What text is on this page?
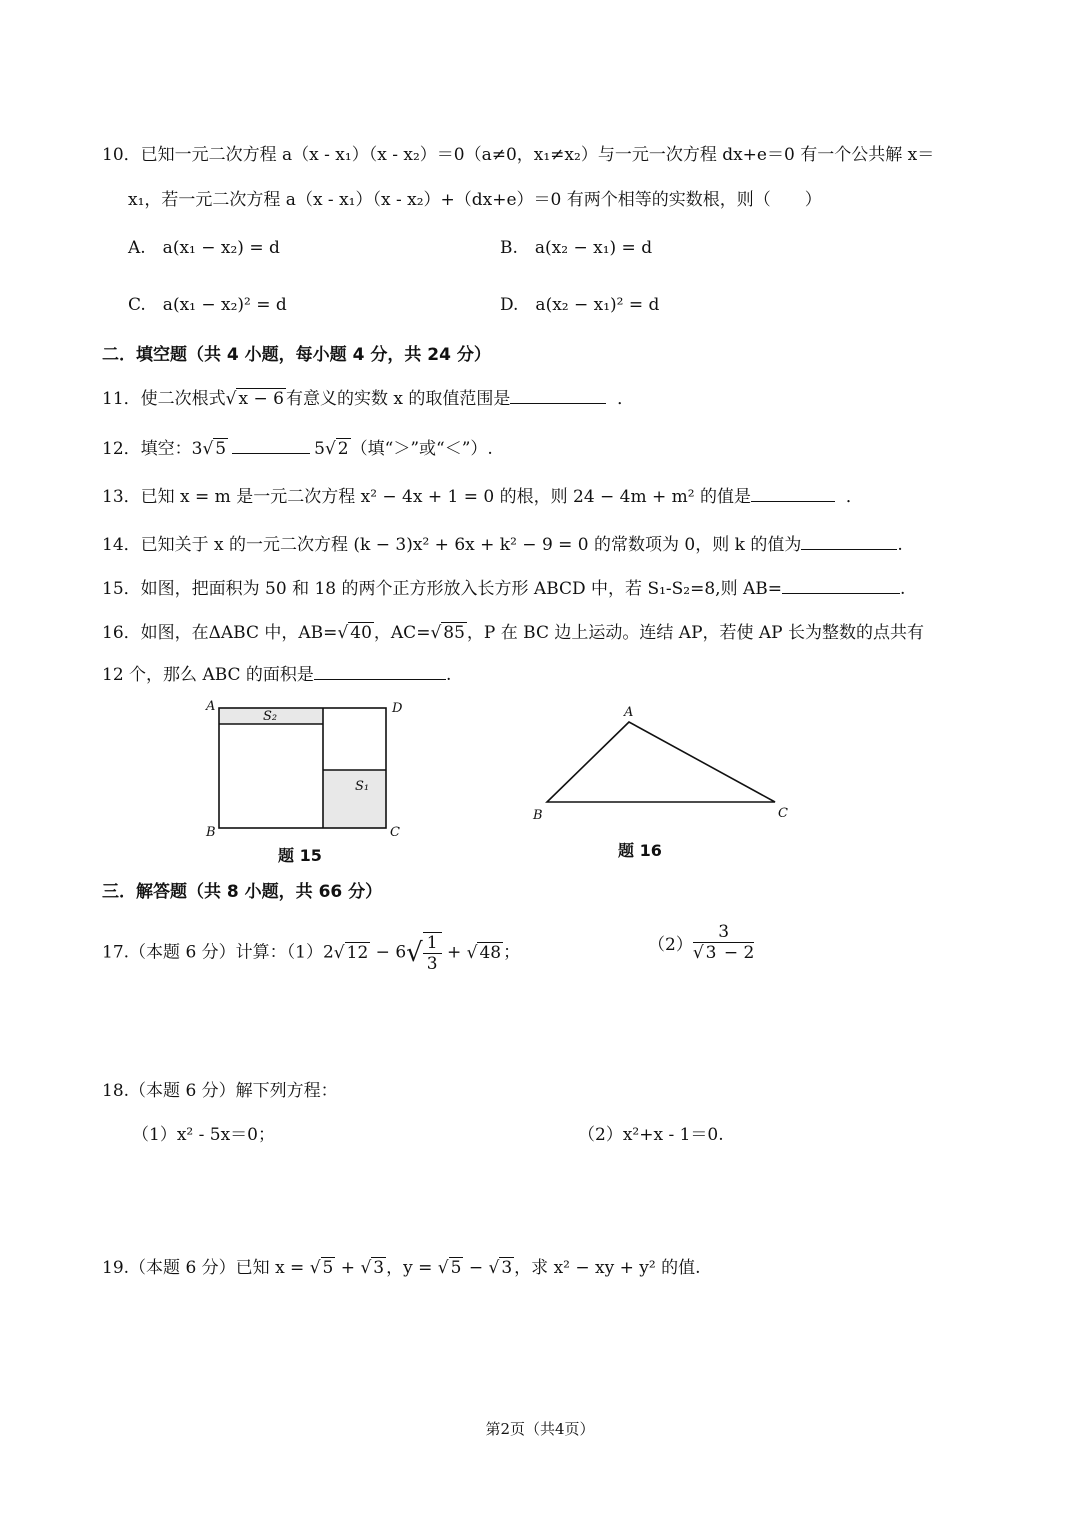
10．已知一元二次方程 a（x - x₁）（x - x₂）＝0（a≠0，x₁≠x₂）与一元一次方程 dx+e＝0 有一个公共解 x＝
x₁，若一元二次方程 a（x - x₁）（x - x₂）+（dx+e）＝0 有两个相等的实数根，则（　　）
A.　a(x₁ − x₂) = d	B.　a(x₂ − x₁) = d
C.　a(x₁ − x₂)² = d	D.　a(x₂ − x₁)² = d
二．填空题（共 4 小题，每小题 4 分，共 24 分）
11．使二次根式√ x − 6 有意义的实数 x 的取值范围是	．
12．填空：3√ 5	5√ 2 （填“＞”或“＜”）.
13．已知 x = m 是一元二次方程 x² − 4x + 1 = 0 的根，则 24 − 4m + m² 的值是	．
14．已知关于 x 的一元二次方程 (k − 3)x² + 6x + k² − 9 = 0 的常数项为 0，则 k 的值为	.
15．如图，把面积为 50 和 18 的两个正方形放入长方形 ABCD 中，若 S₁-S₂=8,则 AB=	.
16．如图，在ΔABC 中，AB=√ 40 ，AC=√ 85 ，P 在 BC 边上运动。连结 AP，若使 AP 长为整数的点共有
12 个，那么 ABC 的面积是	.
A	D
B	C
S₂
S₁
题 15
A
B	C
题 16
三．解答题（共 8 小题，共 66 分）
17.（本题 6 分）计算：（1）2√ $12 - 6√ \frac{1}{3}$ + √ 48 ；	$(2) \frac{3}{√ 3 - 2}$
18.（本题 6 分）解下列方程：
（1）x² - 5x＝0；	（2）x²+x - 1＝0.
19.（本题 6 分）已知 x = √ 5 + √ 3 ，y = √ 5 − √ 3 ，求 x² − xy + y² 的值.
第2页（共4页）
